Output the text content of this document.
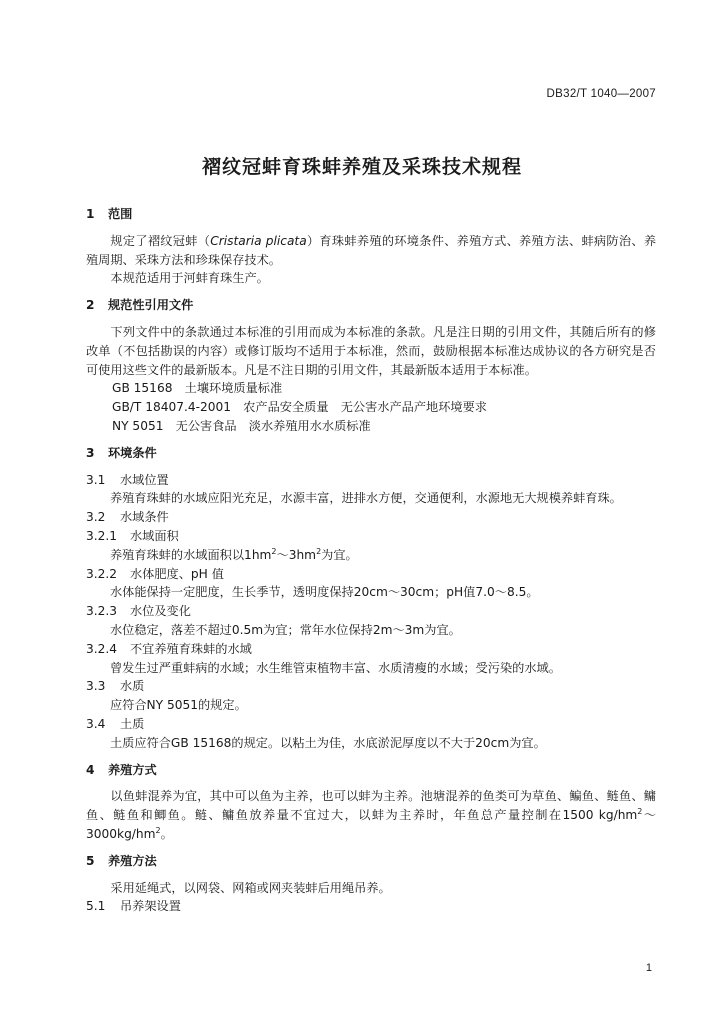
DB32/T 1040—2007
褶纹冠蚌育珠蚌养殖及采珠技术规程
1	范围

规定了褶纹冠蚌（Cristaria plicata）育珠蚌养殖的环境条件、养殖方式、养殖方法、蚌病防治、养殖周期、采珠方法和珍珠保存技术。

本规范适用于河蚌育珠生产。

2	规范性引用文件

下列文件中的条款通过本标准的引用而成为本标准的条款。凡是注日期的引用文件，其随后所有的修改单（不包括勘误的内容）或修订版均不适用于本标准，然而，鼓励根据本标准达成协议的各方研究是否可使用这些文件的最新版本。凡是不注日期的引用文件，其最新版本适用于本标准。

GB 15168　土壤环境质量标准

GB/T 18407.4-2001　农产品安全质量　无公害水产品产地环境要求

NY 5051　无公害食品　淡水养殖用水水质标准

3	环境条件
3.1	水域位置

养殖育珠蚌的水域应阳光充足，水源丰富，进排水方便，交通便利，水源地无大规模养蚌育珠。

3.2	水域条件
3.2.1	水域面积

养殖育珠蚌的水域面积以$1hm^2\sim 3hm^2$为宜。

3.2.2	水体肥度、pH 值

水体能保持一定肥度，生长季节，透明度保持20cm～30cm；pH值7.0～8.5。

3.2.3	水位及变化

水位稳定，落差不超过0.5m为宜；常年水位保持2m～3m为宜。

3.2.4	不宜养殖育珠蚌的水域

曾发生过严重蚌病的水域；水生维管束植物丰富、水质清瘦的水域；受污染的水域。

3.3	水质

应符合NY 5051的规定。

3.4	土质

土质应符合GB 15168的规定。以粘土为佳，水底淤泥厚度以不大于20cm为宜。

4	养殖方式

以鱼蚌混养为宜，其中可以鱼为主养，也可以蚌为主养。池塘混养的鱼类可为草鱼、鳊鱼、鲢鱼、鳙鱼、鲢鱼和鲫鱼。鲢、鳙鱼放养量不宜过大，以蚌为主养时，年鱼总产量控制在1500 $kg/hm^2\sim 3000kg/hm^2$。

5	养殖方法

采用延绳式，以网袋、网箱或网夹装蚌后用绳吊养。

5.1	吊养架设置
1
